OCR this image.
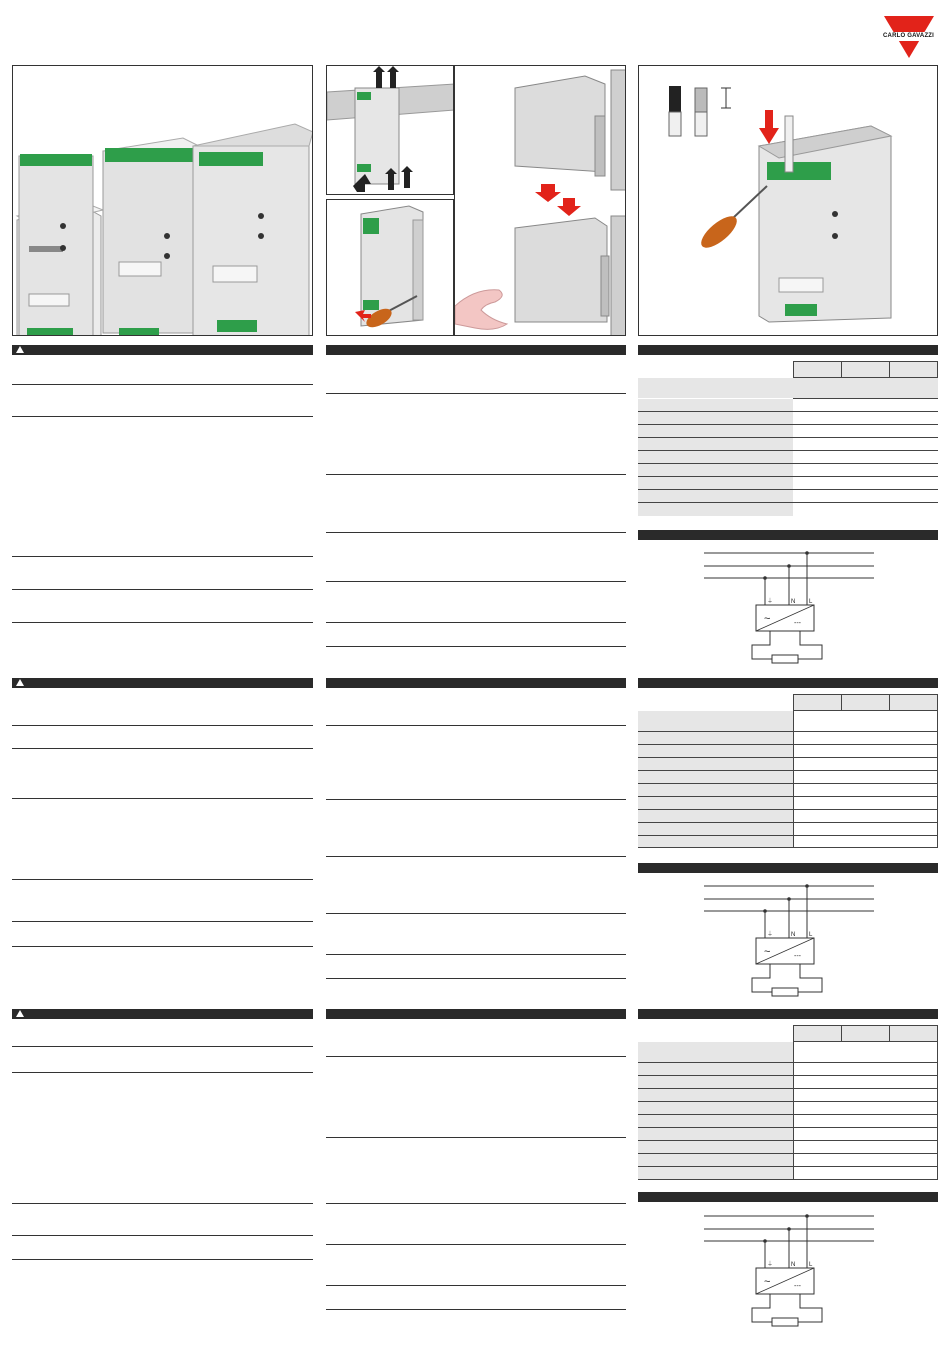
CARLO GAVAZZI
⏚	N L
~	---
⏚	N L
~	---
⏚	N L
~	---
